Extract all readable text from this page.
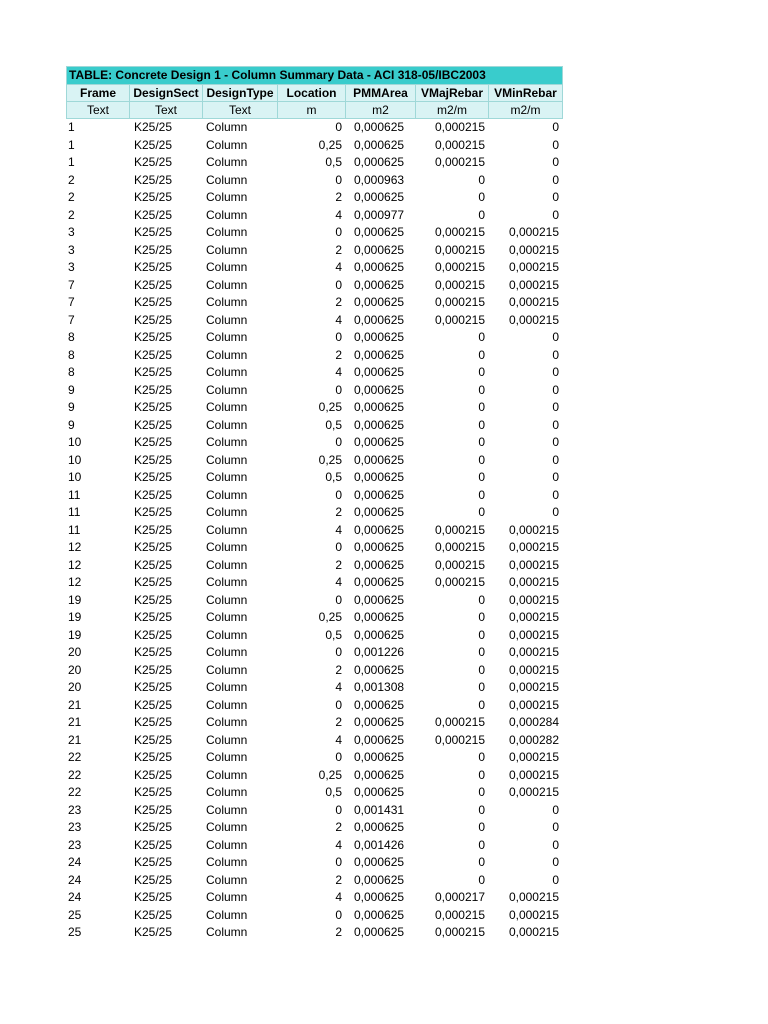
TABLE: Concrete Design 1 - Column Summary Data - ACI 318-05/IBC2003
Frame	DesignSect DesignType	Location	PMMArea	VMajRebar VMinRebar
Text	Text	Text	m	m2	m2/m	m2/m
1	K25/25	Column	0	0,000625	0,000215	0
1	K25/25	Column	0,25	0,000625	0,000215	0
1	K25/25	Column	0,5	0,000625	0,000215	0
2	K25/25	Column	0	0,000963	0	0
2	K25/25	Column	2	0,000625	0	0
2	K25/25	Column	4	0,000977	0	0
3	K25/25	Column	0	0,000625	0,000215	0,000215
3	K25/25	Column	2	0,000625	0,000215	0,000215
3	K25/25	Column	4	0,000625	0,000215	0,000215
7	K25/25	Column	0	0,000625	0,000215	0,000215
7	K25/25	Column	2	0,000625	0,000215	0,000215
7	K25/25	Column	4	0,000625	0,000215	0,000215
8	K25/25	Column	0	0,000625	0	0
8	K25/25	Column	2	0,000625	0	0
8	K25/25	Column	4	0,000625	0	0
9	K25/25	Column	0	0,000625	0	0
9	K25/25	Column	0,25	0,000625	0	0
9	K25/25	Column	0,5	0,000625	0	0
10	K25/25	Column	0	0,000625	0	0
10	K25/25	Column	0,25	0,000625	0	0
10	K25/25	Column	0,5	0,000625	0	0
11	K25/25	Column	0	0,000625	0	0
11	K25/25	Column	2	0,000625	0	0
11	K25/25	Column	4	0,000625	0,000215	0,000215
12	K25/25	Column	0	0,000625	0,000215	0,000215
12	K25/25	Column	2	0,000625	0,000215	0,000215
12	K25/25	Column	4	0,000625	0,000215	0,000215
19	K25/25	Column	0	0,000625	0	0,000215
19	K25/25	Column	0,25	0,000625	0	0,000215
19	K25/25	Column	0,5	0,000625	0	0,000215
20	K25/25	Column	0	0,001226	0	0,000215
20	K25/25	Column	2	0,000625	0	0,000215
20	K25/25	Column	4	0,001308	0	0,000215
21	K25/25	Column	0	0,000625	0	0,000215
21	K25/25	Column	2	0,000625	0,000215	0,000284
21	K25/25	Column	4	0,000625	0,000215	0,000282
22	K25/25	Column	0	0,000625	0	0,000215
22	K25/25	Column	0,25	0,000625	0	0,000215
22	K25/25	Column	0,5	0,000625	0	0,000215
23	K25/25	Column	0	0,001431	0	0
23	K25/25	Column	2	0,000625	0	0
23	K25/25	Column	4	0,001426	0	0
24	K25/25	Column	0	0,000625	0	0
24	K25/25	Column	2	0,000625	0	0
24	K25/25	Column	4	0,000625	0,000217	0,000215
25	K25/25	Column	0	0,000625	0,000215	0,000215
25	K25/25	Column	2	0,000625	0,000215	0,000215
